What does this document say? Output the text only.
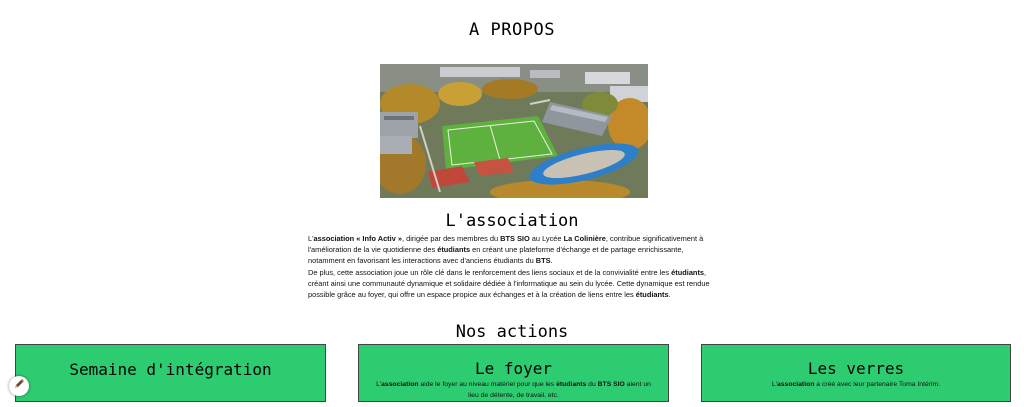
A PROPOS
L'association
L'association « Info Activ », dirigée par des membres du BTS SIO au Lycée La Colinière, contribue significativement à l'amélioration de la vie quotidienne des étudiants en créant une plateforme d'échange et de partage enrichissante, notamment en favorisant les interactions avec d'anciens étudiants du BTS.
De plus, cette association joue un rôle clé dans le renforcement des liens sociaux et de la convivialité entre les étudiants, créant ainsi une communauté dynamique et solidaire dédiée à l'informatique au sein du lycée. Cette dynamique est rendue possible grâce au foyer, qui offre un espace propice aux échanges et à la création de liens entre les étudiants.
Nos actions
Semaine d'intégration	Le foyer
L'association aide le foyer au niveau matériel pour que les étudiants du BTS SIO aient un lieu de détente, de travail, etc.
Les verres
L'association a créé avec leur partenaire Toma Intérim.
